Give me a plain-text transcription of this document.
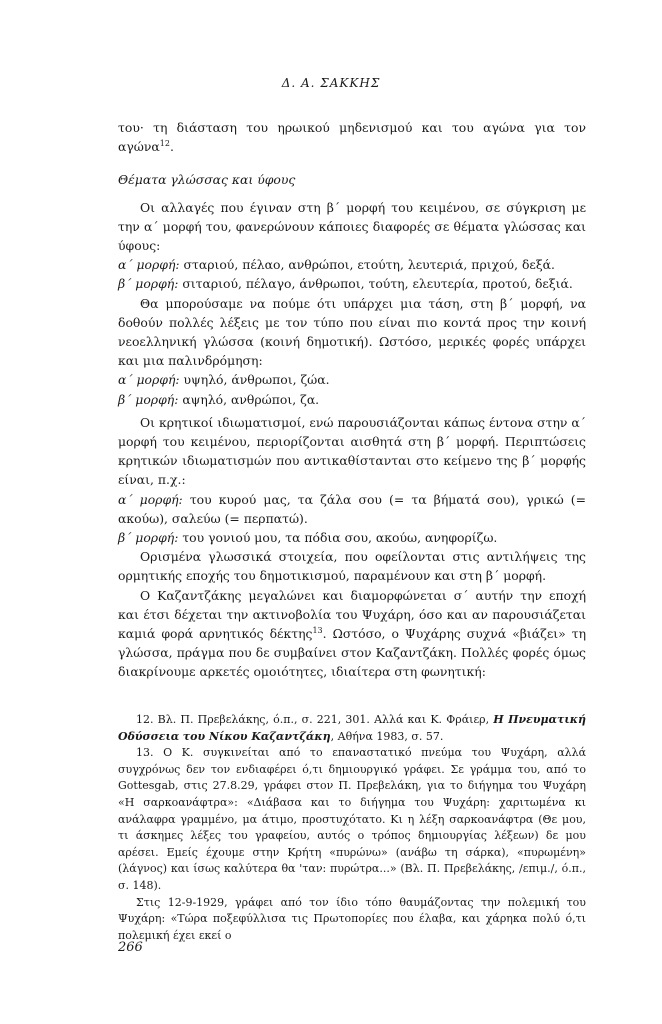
Δ. Α. ΣΑΚΚΗΣ

του· τη διάσταση του ηρωικού μηδενισμού και του αγώνα για τον αγώνα$^{12}$.

Θέματα γλώσσας και ύφους

Οι αλλαγές που έγιναν στη β΄ μορφή του κειμένου, σε σύγκριση με την α΄ μορφή του, φανερώνουν κάποιες διαφορές σε θέματα γλώσσας και ύφους:

α΄ μορφή: σταριού, πέλαο, ανθρώποι, ετούτη, λευτεριά, πριχού, δεξά.

β΄ μορφή: σιταριού, πέλαγο, άνθρωποι, τούτη, ελευτερία, προτού, δεξιά.

Θα μπορούσαμε να πούμε ότι υπάρχει μια τάση, στη β΄ μορφή, να δοθούν πολλές λέξεις με τον τύπο που είναι πιο κοντά προς την κοινή νεοελληνική γλώσσα (κοινή δημοτική). Ωστόσο, μερικές φορές υπάρχει και μια παλινδρόμηση:

α΄ μορφή: υψηλό, άνθρωποι, ζώα.

β΄ μορφή: αψηλό, ανθρώποι, ζα.

Οι κρητικοί ιδιωματισμοί, ενώ παρουσιάζονται κάπως έντονα στην α΄ μορφή του κειμένου, περιορίζονται αισθητά στη β΄ μορφή. Περιπτώσεις κρητικών ιδιωματισμών που αντικαθίστανται στο κείμενο της β΄ μορφής είναι, π.χ.:

α΄ μορφή: του κυρού μας, τα ζάλα σου (= τα βήματά σου), γρικώ (= ακούω), σαλεύω (= περπατώ).

β΄ μορφή: του γονιού μου, τα πόδια σου, ακούω, ανηφορίζω.

Ορισμένα γλωσσικά στοιχεία, που οφείλονται στις αντιλήψεις της ορμητικής εποχής του δημοτικισμού, παραμένουν και στη β΄ μορφή.

Ο Καζαντζάκης μεγαλώνει και διαμορφώνεται σ΄ αυτήν την εποχή και έτσι δέχεται την ακτινοβολία του Ψυχάρη, όσο και αν παρουσιάζεται καμιά φορά αρνητικός δέκτης$^{13}$. Ωστόσο, ο Ψυχάρης συχνά «βιάζει» τη γλώσσα, πράγμα που δε συμβαίνει στον Καζαντζάκη. Πολλές φορές όμως διακρίνουμε αρκετές ομοιότητες, ιδιαίτερα στη φωνητική:

12. Βλ. Π. Πρεβελάκης, ό.π., σ. 221, 301. Αλλά και Κ. Φράιερ, Η Πνευματική Οδύσσεια του Νίκου Καζαντζάκη, Αθήνα 1983, σ. 57.

13. Ο Κ. συγκινείται από το επαναστατικό πνεύμα του Ψυχάρη, αλλά συγχρόνως δεν τον ενδιαφέρει ό,τι δημιουργικό γράφει. Σε γράμμα του, από το Gottesgab, στις 27.8.29, γράφει στον Π. Πρεβελάκη, για το διήγημα του Ψυχάρη «Η σαρκοανάφτρα»: «Διάβασα και το διήγημα του Ψυχάρη: χαριτωμένα κι ανάλαφρα γραμμένο, μα άτιμο, προστυχότατο. Κι η λέξη σαρκοανάφτρα (Θε μου, τι άσκημες λέξες του γραφείου, αυτός ο τρόπος δημιουργίας λέξεων) δε μου αρέσει. Εμείς έχουμε στην Κρήτη «πυρώνω» (ανάβω τη σάρκα), «πυρωμένη» (λάγνος) και ίσως καλύτερα θα 'ταν: πυρώτρα...» (Βλ. Π. Πρεβελάκης, /επιμ./, ό.π., σ. 148).

Στις 12-9-1929, γράφει από τον ίδιο τόπο θαυμάζοντας την πολεμική του Ψυχάρη: «Τώρα ποξεφύλλισα τις Πρωτοπορίες που έλαβα, και χάρηκα πολύ ό,τι πολεμική έχει εκεί ο

266
